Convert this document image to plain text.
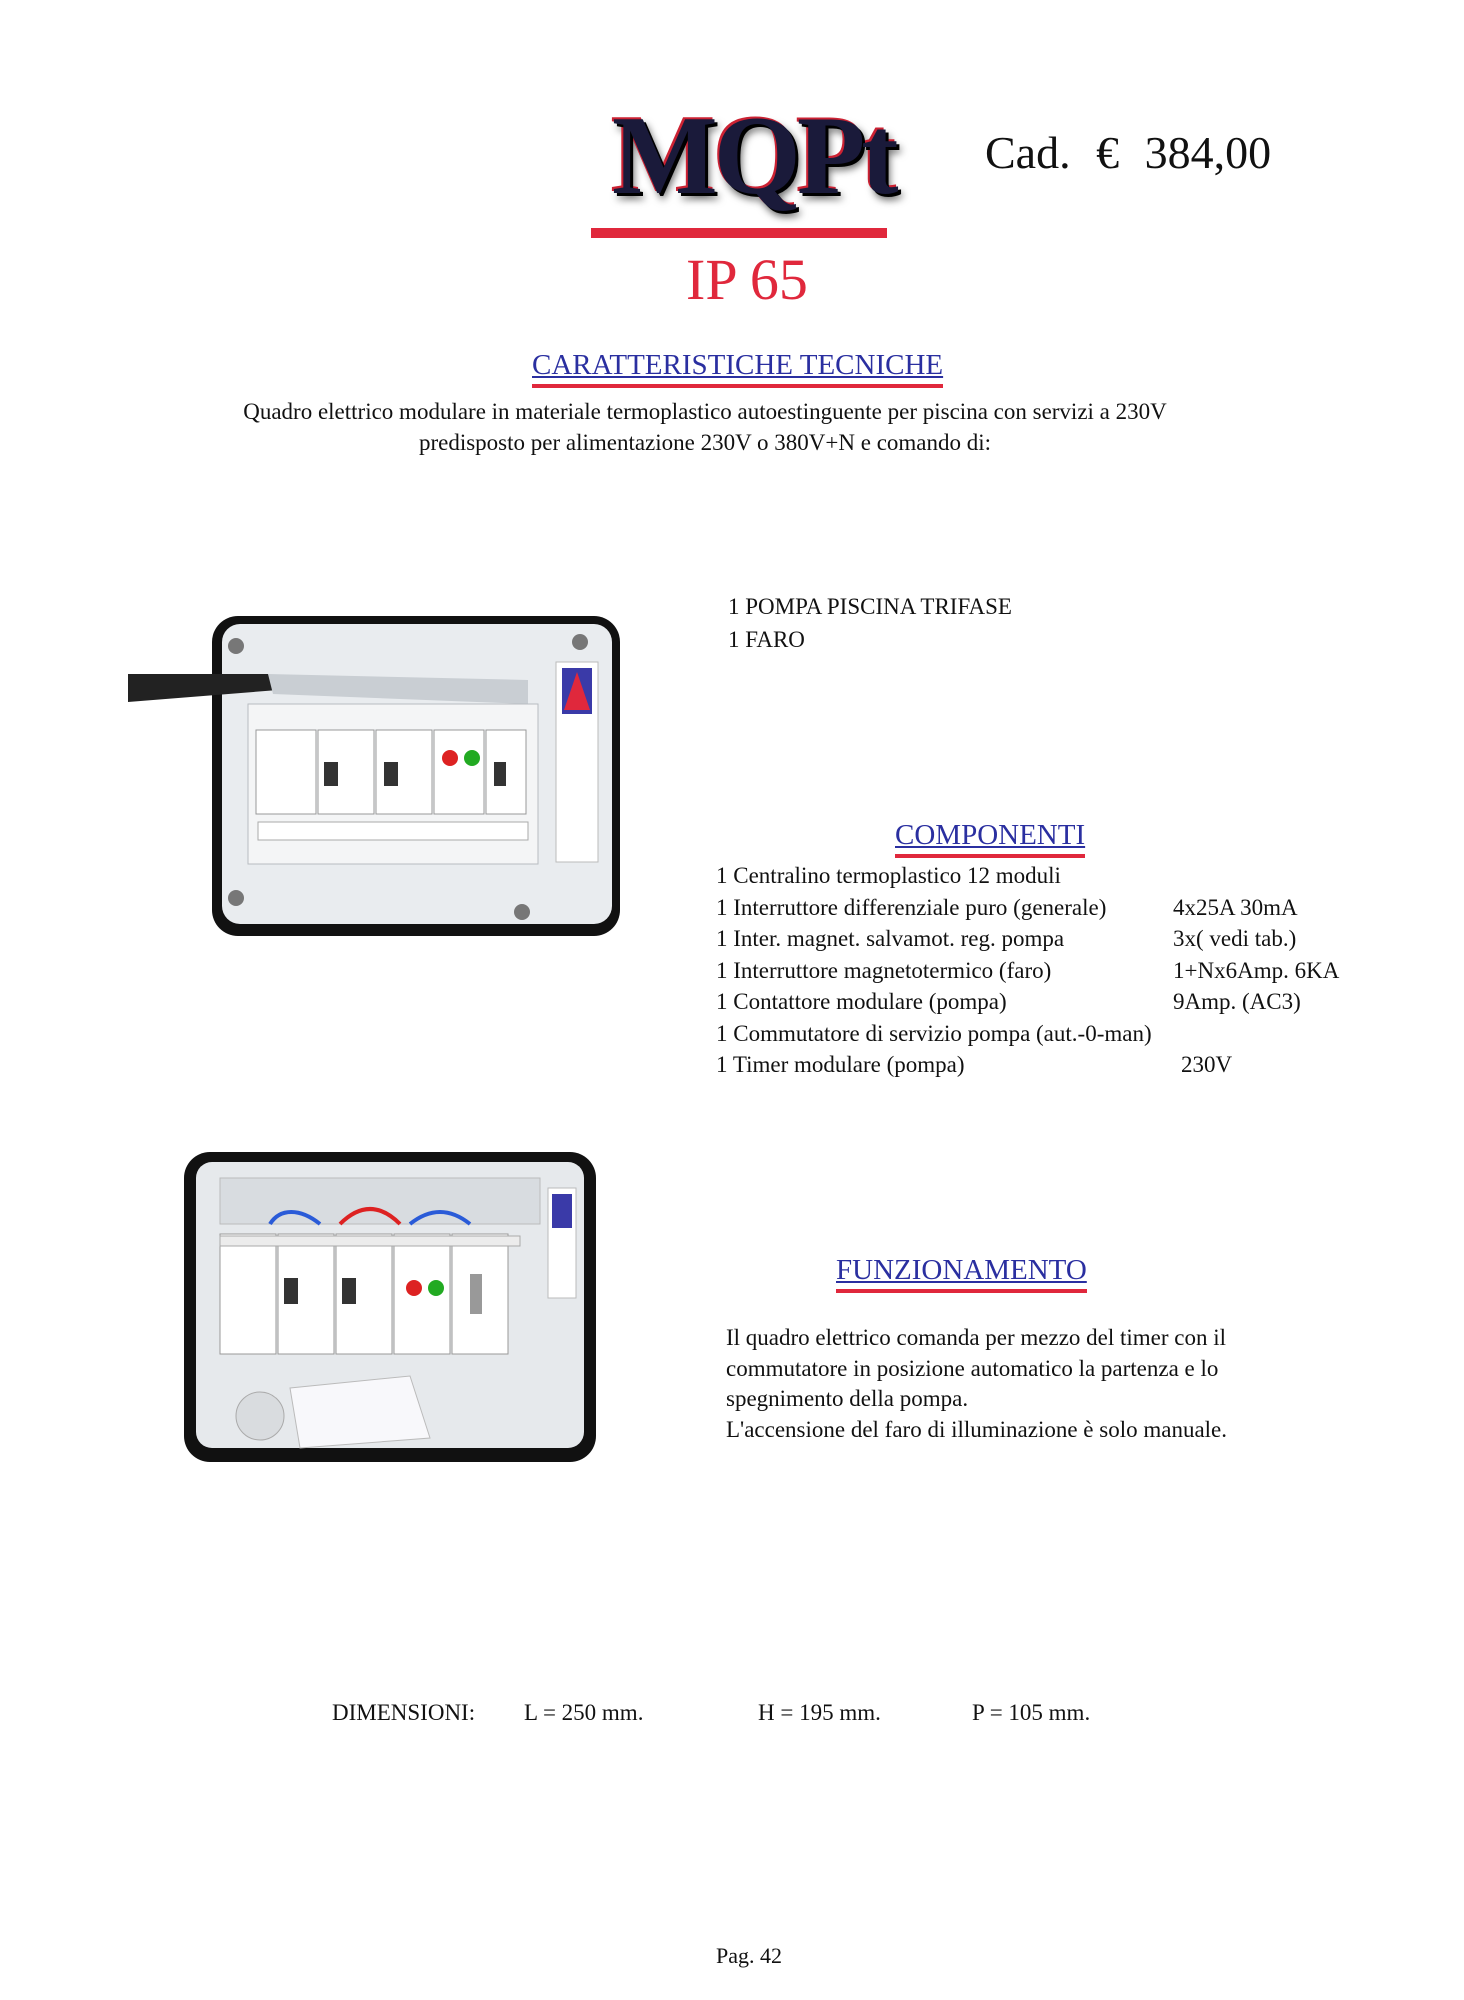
MQPt Cad. € 384,00
IP 65
CARATTERISTICHE TECNICHE
Quadro elettrico modulare in materiale termoplastico autoestinguente per piscina con servizi a 230V
predisposto per alimentazione 230V o 380V+N e comando di:
1 POMPA PISCINA TRIFASE
1 FARO
COMPONENTI
1 Centralino termoplastico 12 moduli
1 Interruttore differenziale puro (generale)	4x25A 30mA
1 Inter. magnet. salvamot. reg. pompa	3x( vedi tab.)
1 Interruttore magnetotermico (faro)	1+Nx6Amp. 6KA
1 Contattore modulare (pompa)	9Amp. (AC3)
1 Commutatore di servizio pompa (aut.-0-man)
1 Timer modulare (pompa)	230V
FUNZIONAMENTO
Il quadro elettrico comanda per mezzo del timer con il
commutatore in posizione automatico la partenza e lo
spegnimento della pompa.
L'accensione del faro di illuminazione è solo manuale.
DIMENSIONI: L = 250 mm.	H = 195 mm.	P = 105 mm.
Pag. 42
